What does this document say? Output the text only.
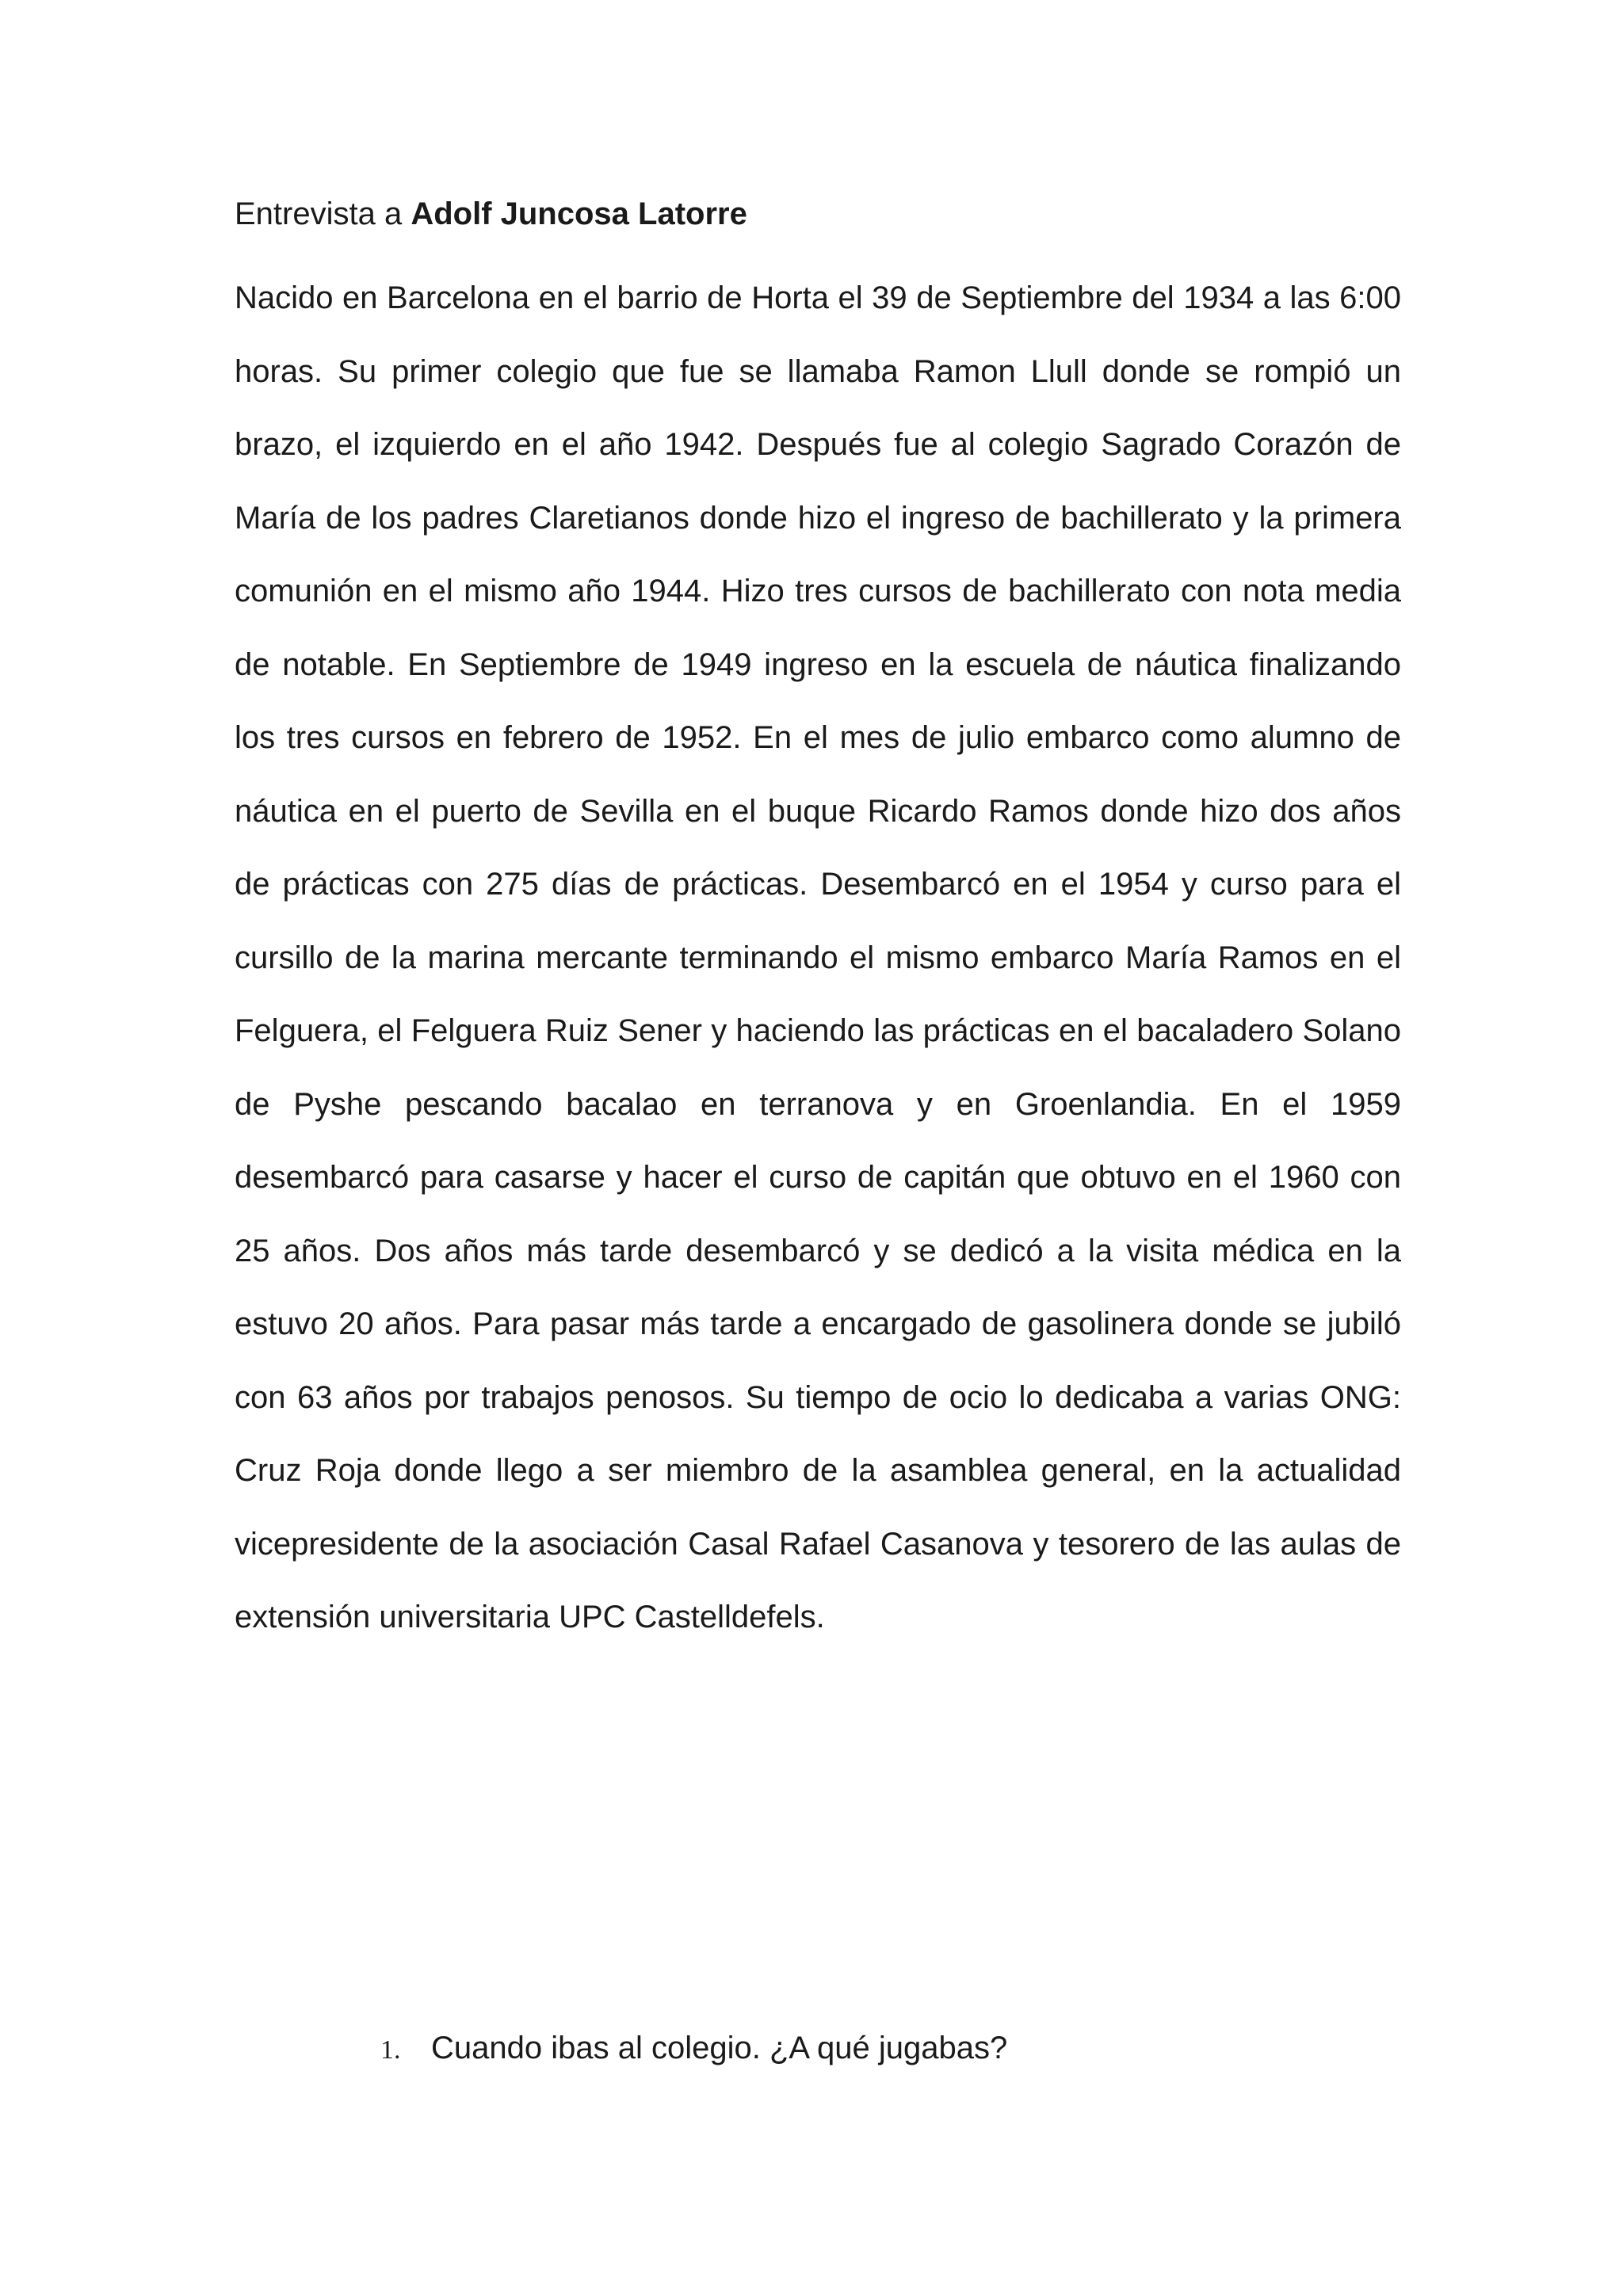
Entrevista a Adolf Juncosa Latorre

Nacido en Barcelona en el barrio de Horta el 39 de Septiembre del 1934 a las 6:00 horas. Su primer colegio que fue se llamaba Ramon Llull donde se rompió un brazo, el izquierdo en el año 1942. Después fue al colegio Sagrado Corazón de María de los padres Claretianos donde hizo el ingreso de bachillerato y la primera comunión en el mismo año 1944. Hizo tres cursos de bachillerato con nota media de notable. En Septiembre de 1949 ingreso en la escuela de náutica finalizando los tres cursos en febrero de 1952. En el mes de julio embarco como alumno de náutica en el puerto de Sevilla en el buque Ricardo Ramos donde hizo dos años de prácticas con 275 días de prácticas. Desembarcó en el 1954 y curso para el cursillo de la marina mercante terminando el mismo embarco María Ramos en el Felguera, el Felguera Ruiz Sener y haciendo las prácticas en el bacaladero Solano de Pyshe pescando bacalao en terranova y en Groenlandia. En el 1959 desembarcó para casarse y hacer el curso de capitán que obtuvo en el 1960 con 25 años. Dos años más tarde desembarcó y se dedicó a la visita médica en la estuvo 20 años. Para pasar más tarde a encargado de gasolinera donde se jubiló con 63 años por trabajos penosos. Su tiempo de ocio lo dedicaba a varias ONG: Cruz Roja donde llego a ser miembro de la asamblea general, en la actualidad vicepresidente de la asociación Casal Rafael Casanova y tesorero de las aulas de extensión universitaria UPC Castelldefels.

1. Cuando ibas al colegio. ¿A qué jugabas?
